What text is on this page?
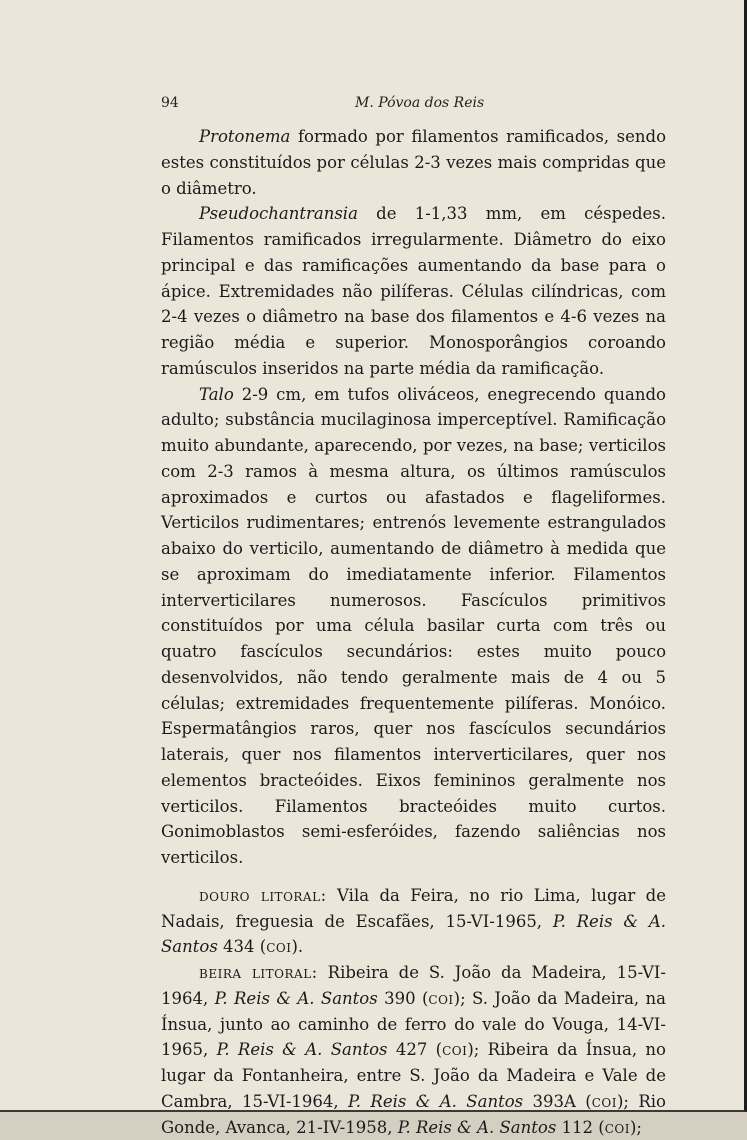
94	M. Póvoa dos Reis

Protonema formado por filamentos ramificados, sendo estes constituídos por células 2-3 vezes mais compridas que o diâmetro.

Pseudochantransia de 1-1,33 mm, em céspedes. Filamentos ramificados irregularmente. Diâmetro do eixo principal e das ramificações aumentando da base para o ápice. Extremidades não pilíferas. Células cilíndricas, com 2-4 vezes o diâmetro na base dos filamentos e 4-6 vezes na região média e superior. Monosporângios coroando ramúsculos inseridos na parte média da ramificação.

Talo 2-9 cm, em tufos oliváceos, enegrecendo quando adulto; substância mucilaginosa imperceptível. Ramificação muito abundante, aparecendo, por vezes, na base; verticilos com 2-3 ramos à mesma altura, os últimos ramúsculos aproximados e curtos ou afastados e flageliformes. Verticilos rudimentares; entrenós levemente estrangulados abaixo do verticilo, aumentando de diâmetro à medida que se aproximam do imediatamente inferior. Filamentos interverticilares numerosos. Fascículos primitivos constituídos por uma célula basilar curta com três ou quatro fascículos secundários: estes muito pouco desenvolvidos, não tendo geralmente mais de 4 ou 5 células; extremidades frequentemente pilíferas. Monóico. Espermatângios raros, quer nos fascículos secundários laterais, quer nos filamentos interverticilares, quer nos elementos bracteóides. Eixos femininos geralmente nos verticilos. Filamentos bracteóides muito curtos. Gonimoblastos semi-esferóides, fazendo saliências nos verticilos.

douro litoral: Vila da Feira, no rio Lima, lugar de Nadais, freguesia de Escafães, 15-VI-1965, P. Reis & A. Santos 434 (coi).

beira litoral: Ribeira de S. João da Madeira, 15-VI-1964, P. Reis & A. Santos 390 (coi); S. João da Madeira, na Ínsua, junto ao caminho de ferro do vale do Vouga, 14-VI-1965, P. Reis & A. Santos 427 (coi); Ribeira da Ínsua, no lugar da Fontanheira, entre S. João da Madeira e Vale de Cambra, 15-VI-1964, P. Reis & A. Santos 393A (coi); Rio Gonde, Avanca, 21-IV-1958, P. Reis & A. Santos 112 (coi);
